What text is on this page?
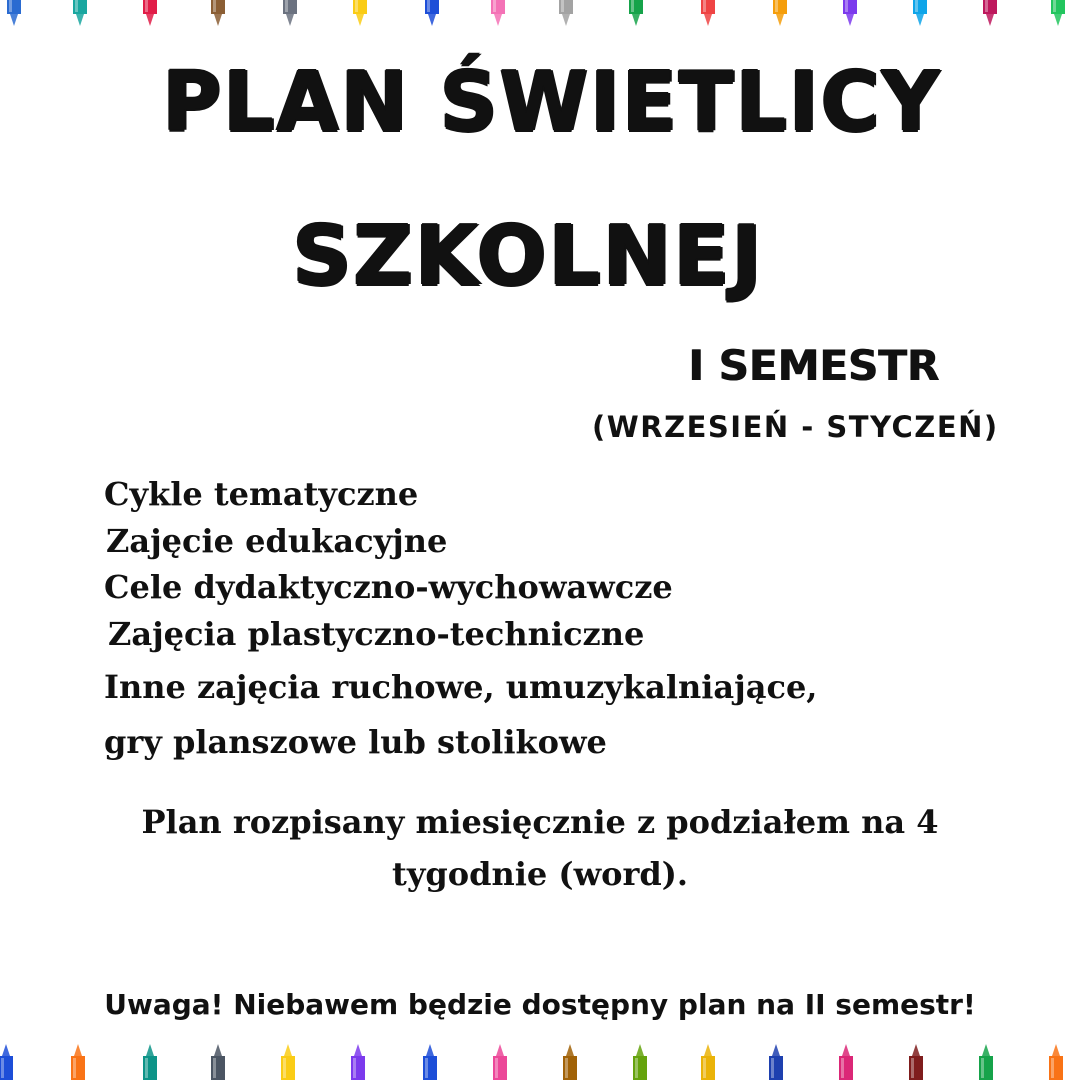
PLAN ŚWIETLICY
SZKOLNEJ

I SEMESTR

(WRZESIEŃ - STYCZEŃ)

Cykle tematyczne

Zajęcie edukacyjne

Cele dydaktyczno-wychowawcze

Zajęcia plastyczno-techniczne

Inne zajęcia ruchowe, umuzykalniające,

gry planszowe lub stolikowe

Plan rozpisany miesięcznie z podziałem na 4
tygodnie (word).

Uwaga! Niebawem będzie dostępny plan na II semestr!
